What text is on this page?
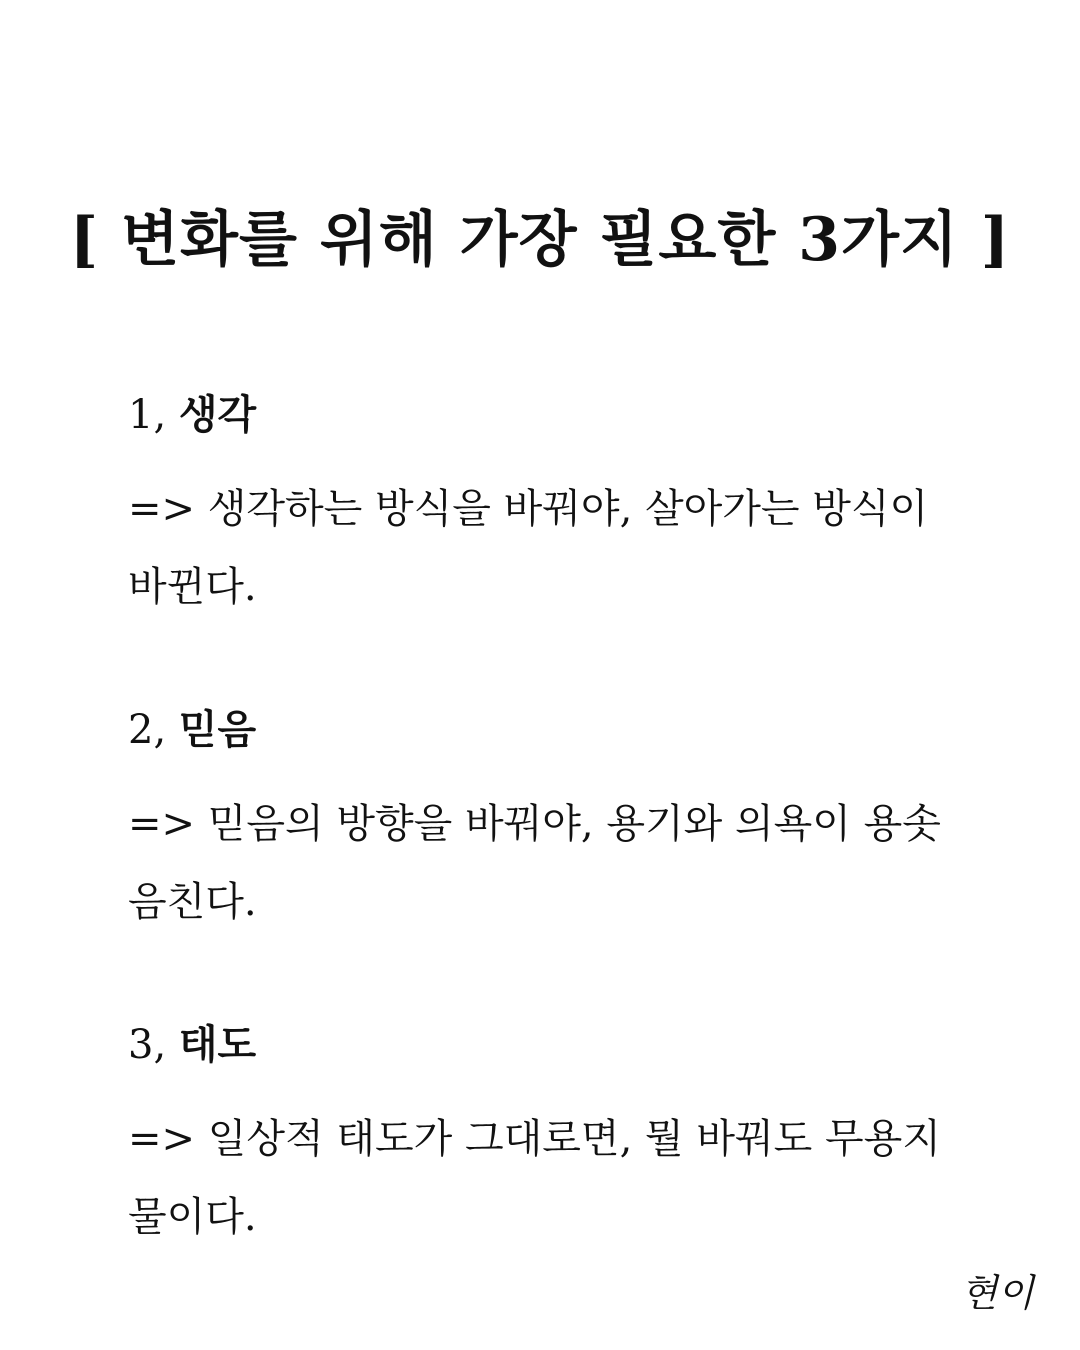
[ 변화를 위해 가장 필요한 3가지 ]
1, 생각
=> 생각하는 방식을 바꿔야, 살아가는 방식이 바뀐다.
2, 믿음
=> 믿음의 방향을 바꿔야, 용기와 의욕이 용솟음친다.
3, 태도
=> 일상적 태도가 그대로면, 뭘 바꿔도 무용지물이다.
현이
